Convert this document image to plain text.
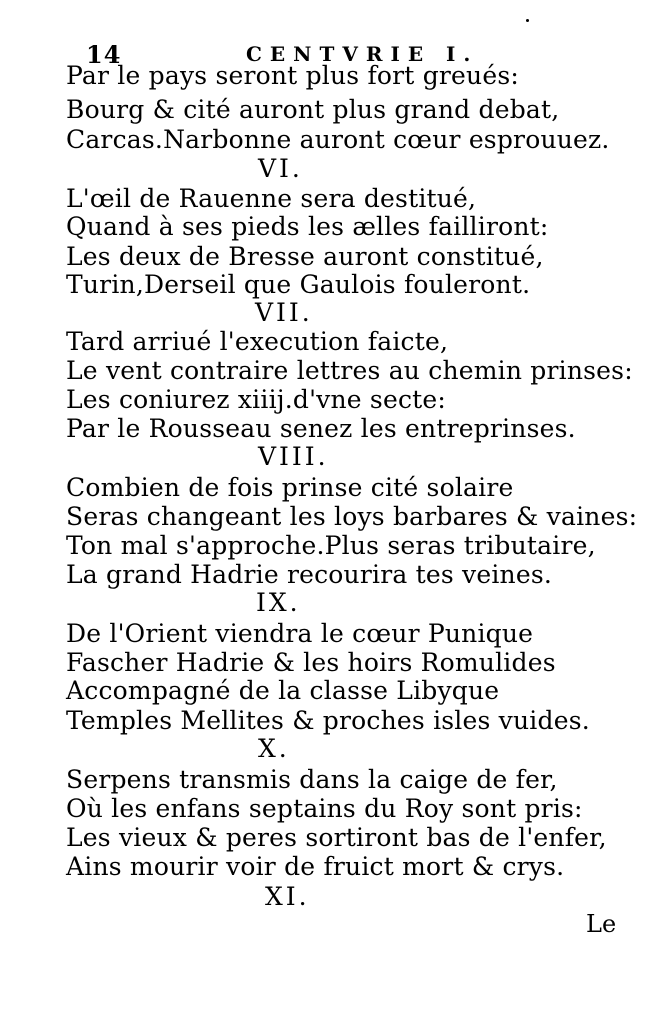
14	CENTVRIE I.
Par le pays seront plus fort greués:
Bourg & cité auront plus grand debat,
Carcas.Narbonne auront cœur esprouuez.
VI.
L'œil de Rauenne sera destitué,
Quand à ses pieds les ælles failliront:
Les deux de Bresse auront constitué,
Turin,Derseil que Gaulois fouleront.
VII.
Tard arriué l'execution faicte,
Le vent contraire lettres au chemin prinses:
Les coniurez xiiij.d'vne secte:
Par le Rousseau senez les entreprinses.
VIII.
Combien de fois prinse cité solaire
Seras changeant les loys barbares & vaines:
Ton mal s'approche.Plus seras tributaire,
La grand Hadrie recourira tes veines.
IX.
De l'Orient viendra le cœur Punique
Fascher Hadrie & les hoirs Romulides
Accompagné de la classe Libyque
Temples Mellites & proches isles vuides.
X.
Serpens transmis dans la caige de fer,
Où les enfans septains du Roy sont pris:
Les vieux & peres sortiront bas de l'enfer,
Ains mourir voir de fruict mort & crys.
XI.
Le
